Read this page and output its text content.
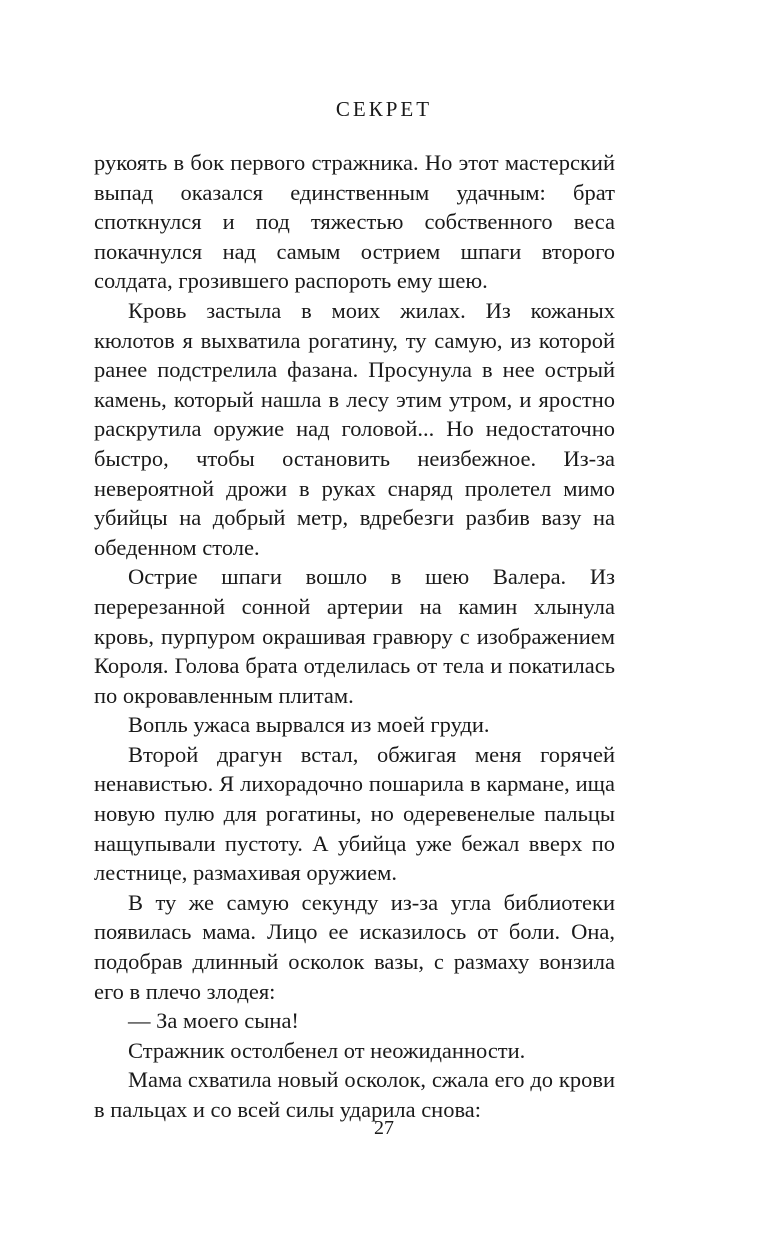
СЕКРЕТ

рукоять в бок первого стражника. Но этот мастерский выпад оказался единственным удачным: брат споткнулся и под тяжестью собственного веса покачнулся над самым острием шпаги второго солдата, грозившего распороть ему шею.

Кровь застыла в моих жилах. Из кожаных кюлотов я выхватила рогатину, ту самую, из которой ранее подстрелила фазана. Просунула в нее острый камень, который нашла в лесу этим утром, и яростно раскрутила оружие над головой... Но недостаточно быстро, чтобы остановить неизбежное. Из-за невероятной дрожи в руках снаряд пролетел мимо убийцы на добрый метр, вдребезги разбив вазу на обеденном столе.

Острие шпаги вошло в шею Валера. Из перерезанной сонной артерии на камин хлынула кровь, пурпуром окрашивая гравюру с изображением Короля. Голова брата отделилась от тела и покатилась по окровавленным плитам.

Вопль ужаса вырвался из моей груди.

Второй драгун встал, обжигая меня горячей ненавистью. Я лихорадочно пошарила в кармане, ища новую пулю для рогатины, но одеревенелые пальцы нащупывали пустоту. А убийца уже бежал вверх по лестнице, размахивая оружием.

В ту же самую секунду из-за угла библиотеки появилась мама. Лицо ее исказилось от боли. Она, подобрав длинный осколок вазы, с размаху вонзила его в плечо злодея:

— За моего сына!

Стражник остолбенел от неожиданности.

Мама схватила новый осколок, сжала его до крови в пальцах и со всей силы ударила снова:

27
